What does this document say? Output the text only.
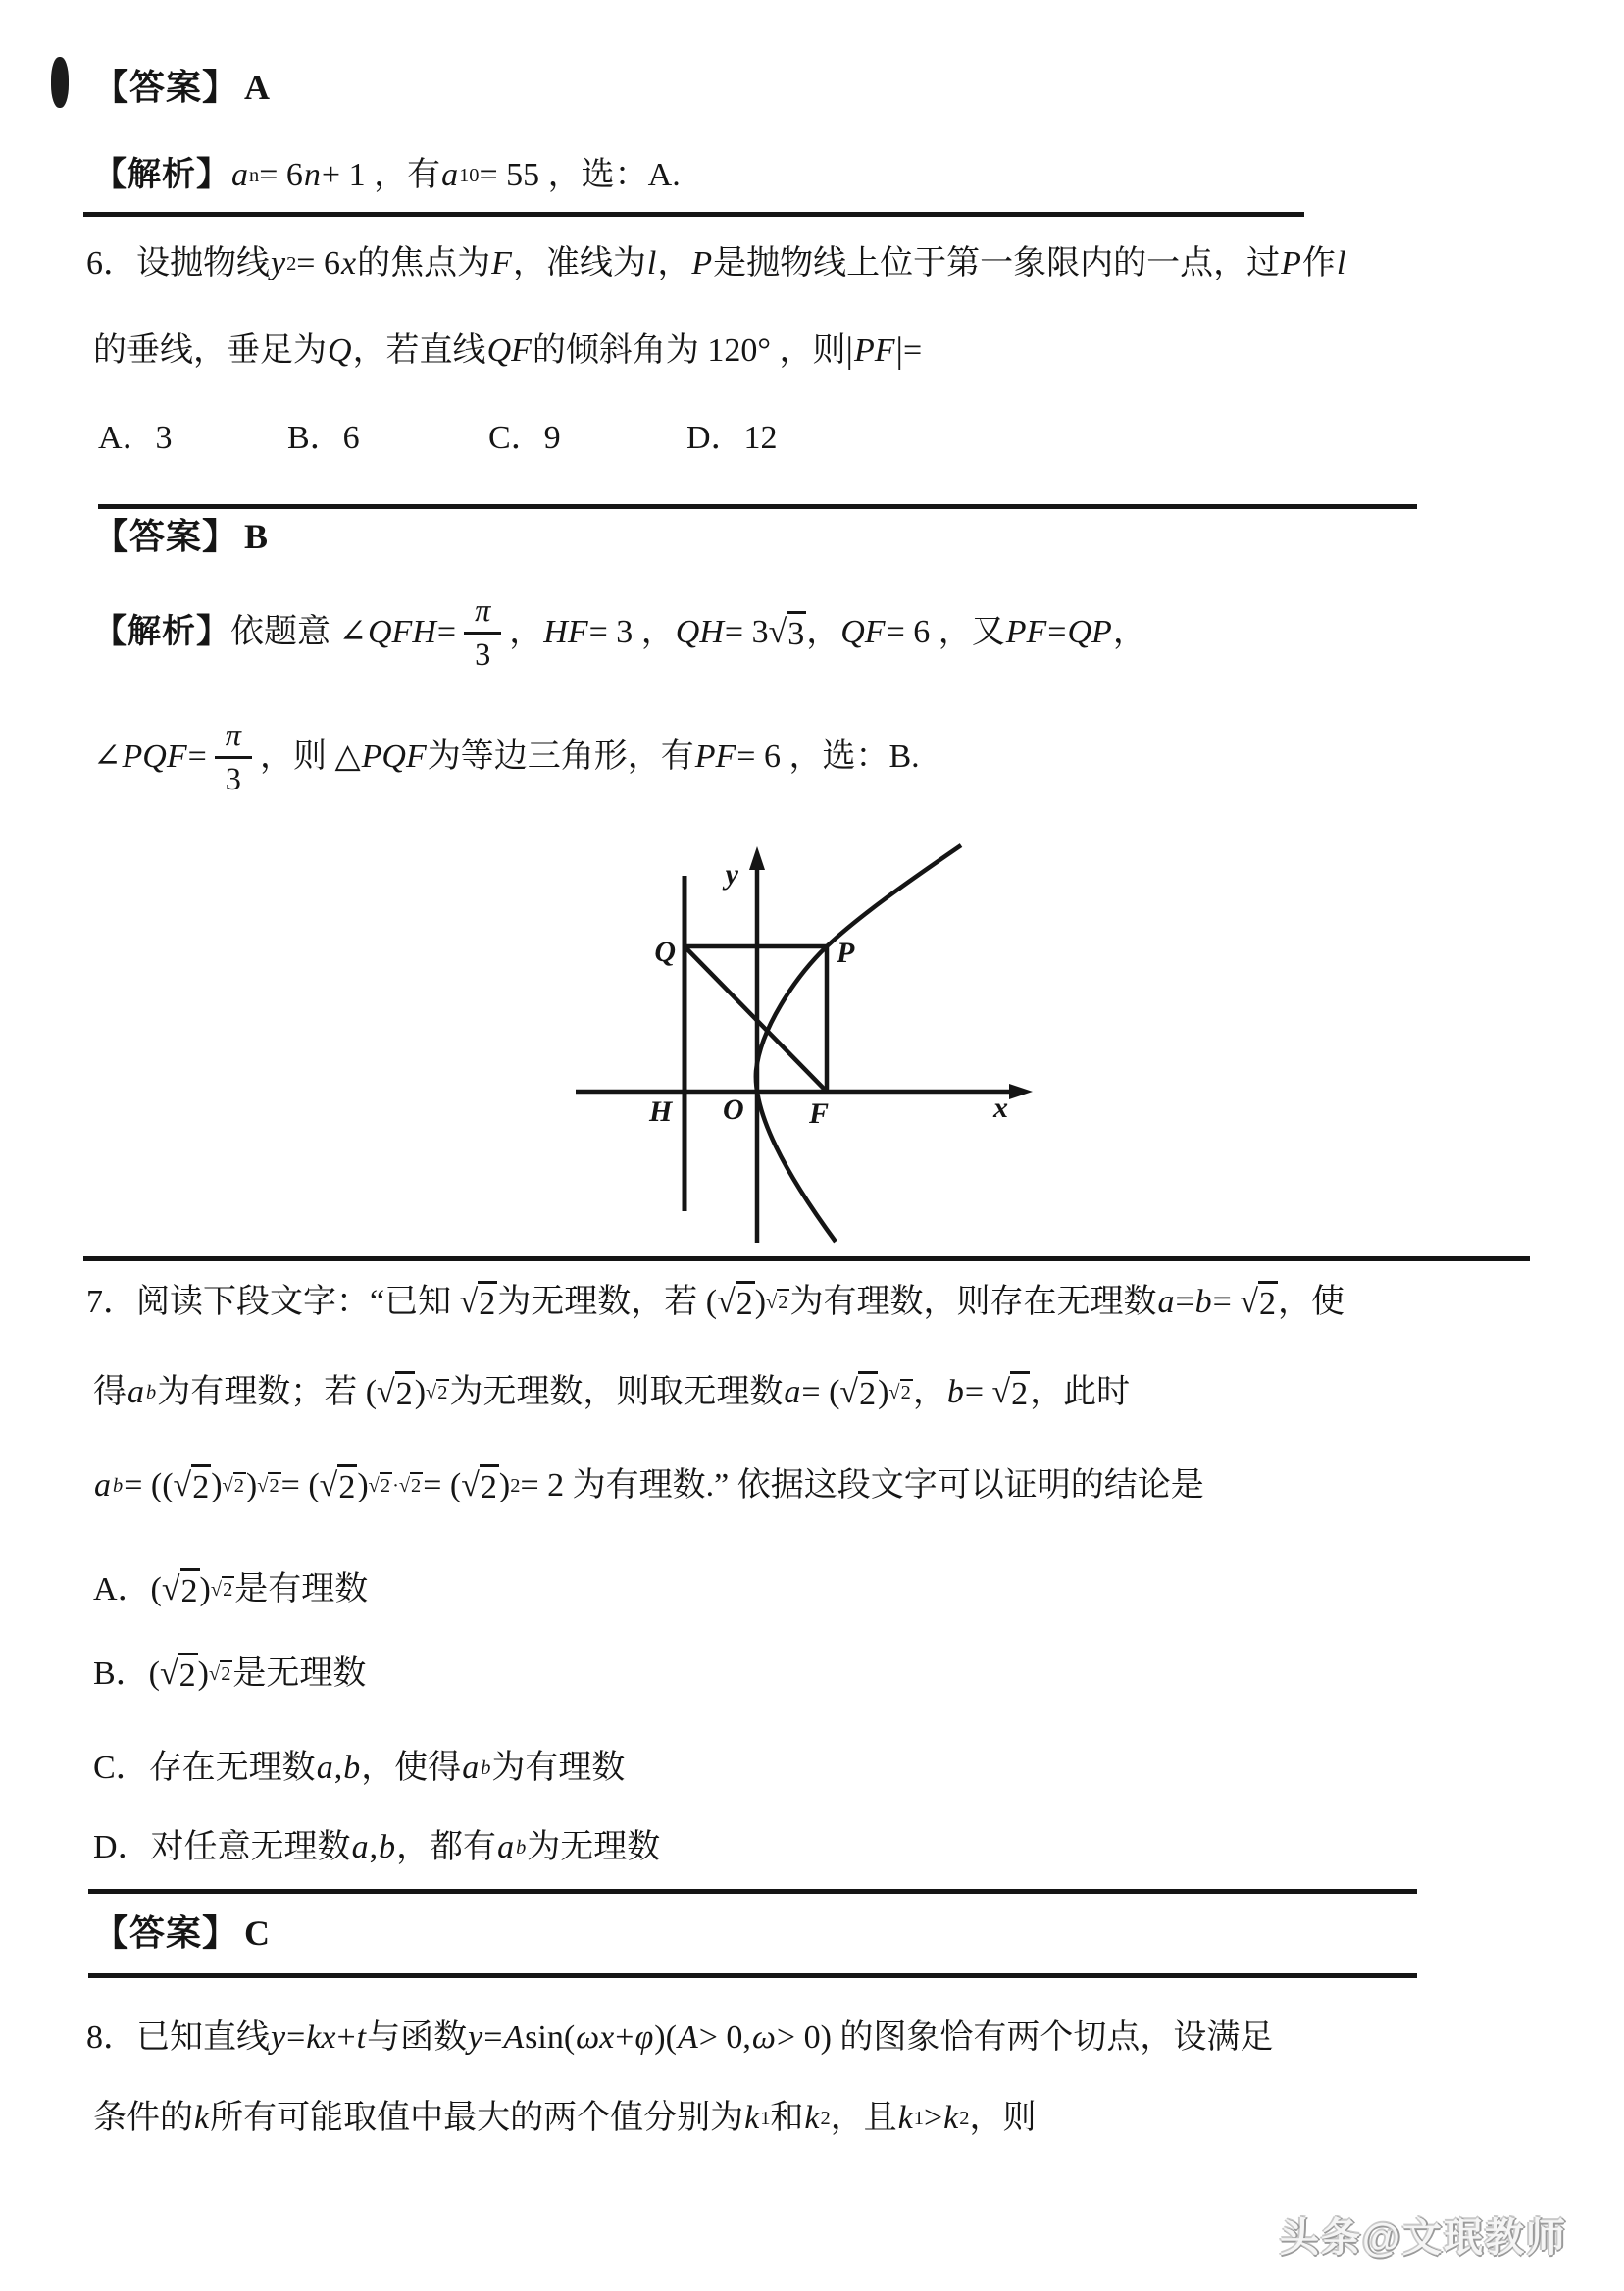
【答案】 A
【解析】 a n = 6 n + 1 ，有 a 10 = 55 ，选：A.
6．设抛物线 y 2 = 6 x 的焦点为 F ，准线为 l ， P 是抛物线上位于第一象限内的一点，过 P 作 l
的垂线，垂足为 Q ，若直线 QF 的倾斜角为 120° ，则 | PF | =
A．3	B．6	C．9	D．12
【答案】 B
【解析】 依题意 ∠ QFH =
π
3
， HF = 3 ， QH = 3√ 3 ， QF = 6 ，又 PF = QP ，
∠ PQF =
π
3
，则 △ PQF 为等边三角形，有 PF = 6 ，选：B.
y
x
Q	P
H O F
7．阅读下段文字：“已知 √ 2 为无理数，若 (√ 2 ) √2 为有理数，则存在无理数 a = b = √ 2 ，使
得 a b 为有理数；若 (√ 2 ) √2 为无理数，则取无理数 a = (√ 2 ) √2 ， b = √ 2 ，此时
a b = ((√ 2 ) √2 ) √2 = (√ 2 ) √2·√2 = (√ 2 ) 2 = 2 为有理数.” 依据这段文字可以证明的结论是
A．(√ 2 ) √2 是有理数
B．(√ 2 ) √2 是无理数
C．存在无理数 a , b ，使得 a b 为有理数
D．对任意无理数 a , b ，都有 a b 为无理数
【答案】 C
8．已知直线 y = kx + t 与函数 y = A sin( ωx + φ )( A > 0, ω > 0) 的图象恰有两个切点，设满足
条件的 k 所有可能取值中最大的两个值分别为 k 1 和 k 2 ，且 k 1 > k 2 ，则
头条@文珉教师
